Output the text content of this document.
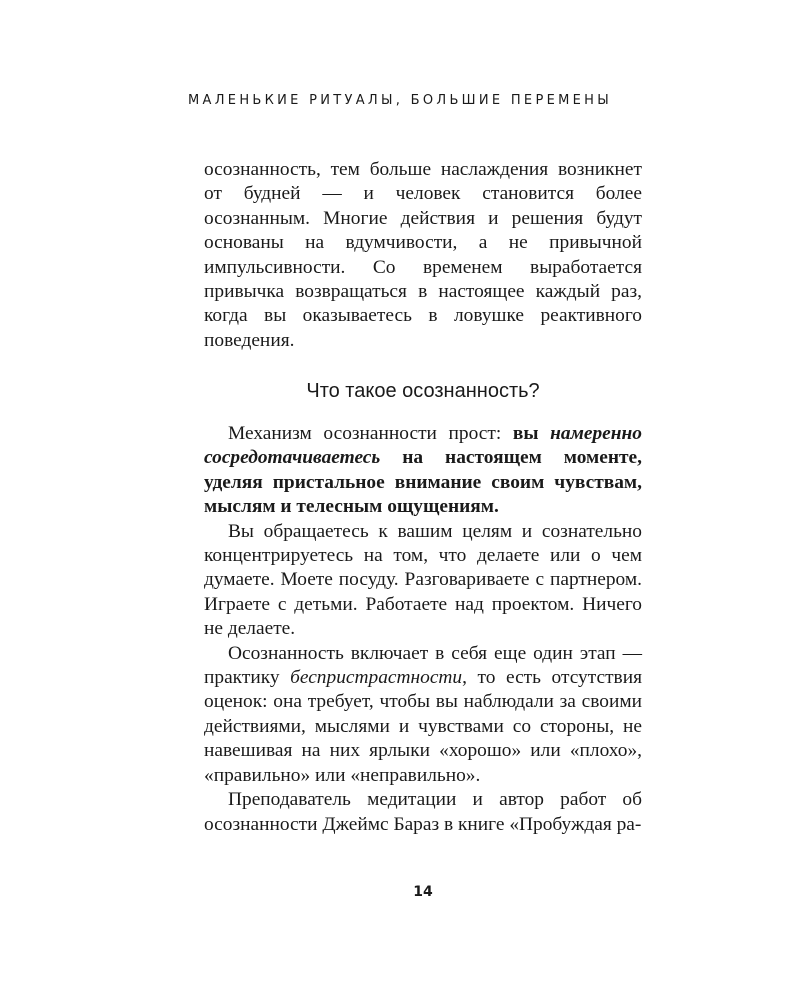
МАЛЕНЬКИЕ РИТУАЛЫ, БОЛЬШИЕ ПЕРЕМЕНЫ

осознанность, тем больше наслаждения возникнет от будней — и человек становится более осознанным. Многие действия и решения будут основаны на вдумчивости, а не привычной импульсивности. Со временем выработается привычка возвращаться в настоящее каждый раз, когда вы оказываетесь в ловушке реактивного поведения.

Что такое осознанность?

Механизм осознанности прост: вы намеренно сосредотачиваетесь на настоящем моменте, уделяя пристальное внимание своим чувствам, мыслям и телесным ощущениям.

Вы обращаетесь к вашим целям и сознательно концентрируетесь на том, что делаете или о чем думаете. Моете посуду. Разговариваете с партнером. Играете с детьми. Работаете над проектом. Ничего не делаете.

Осознанность включает в себя еще один этап — практику беспристрастности, то есть отсутствия оценок: она требует, чтобы вы наблюдали за своими действиями, мыслями и чувствами со стороны, не навешивая на них ярлыки «хорошо» или «плохо», «правильно» или «неправильно».

Преподаватель медитации и автор работ об осознанности Джеймс Бараз в книге «Пробуждая ра-

14
